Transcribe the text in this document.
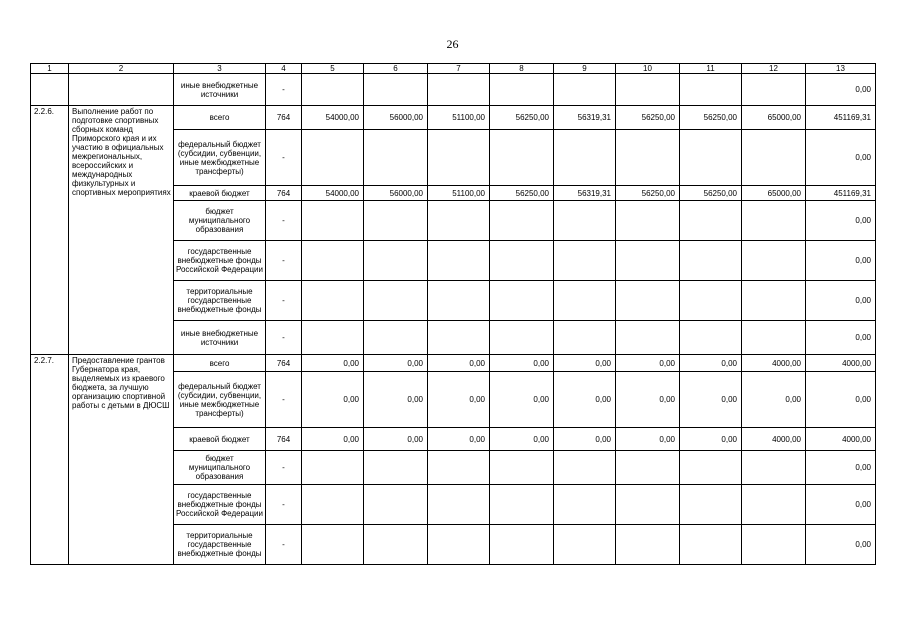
26
1	2	3	4	5	6	7	8	9	10	11	12	13
		иные внебюджетные источники	-									0,00
2.2.6.	Выполнение работ по подготовке спортивных сборных команд Приморского края и их участию в официальных межрегиональных, всероссийских и международных физкультурных и спортивных мероприятиях	всего	764	54000,00	56000,00	51100,00	56250,00	56319,31	56250,00	56250,00	65000,00	451169,31
		федеральный бюджет (субсидии, субвенции, иные межбюджетные трансферты)	-									0,00
		краевой бюджет	764	54000,00	56000,00	51100,00	56250,00	56319,31	56250,00	56250,00	65000,00	451169,31
		бюджет муниципального образования	-									0,00
		государственные внебюджетные фонды Российской Федерации	-									0,00
		территориальные государственные внебюджетные фонды	-									0,00
		иные внебюджетные источники	-									0,00
2.2.7.	Предоставление грантов Губернатора края, выделяемых из краевого бюджета, за лучшую организацию спортивной работы с детьми в ДЮСШ	всего	764	0,00	0,00	0,00	0,00	0,00	0,00	0,00	4000,00	4000,00
		федеральный бюджет (субсидии, субвенции, иные межбюджетные трансферты)	-	0,00	0,00	0,00	0,00	0,00	0,00	0,00	0,00	0,00
		краевой бюджет	764	0,00	0,00	0,00	0,00	0,00	0,00	0,00	4000,00	4000,00
		бюджет муниципального образования	-									0,00
		государственные внебюджетные фонды Российской Федерации	-									0,00
		территориальные государственные внебюджетные фонды	-									0,00
